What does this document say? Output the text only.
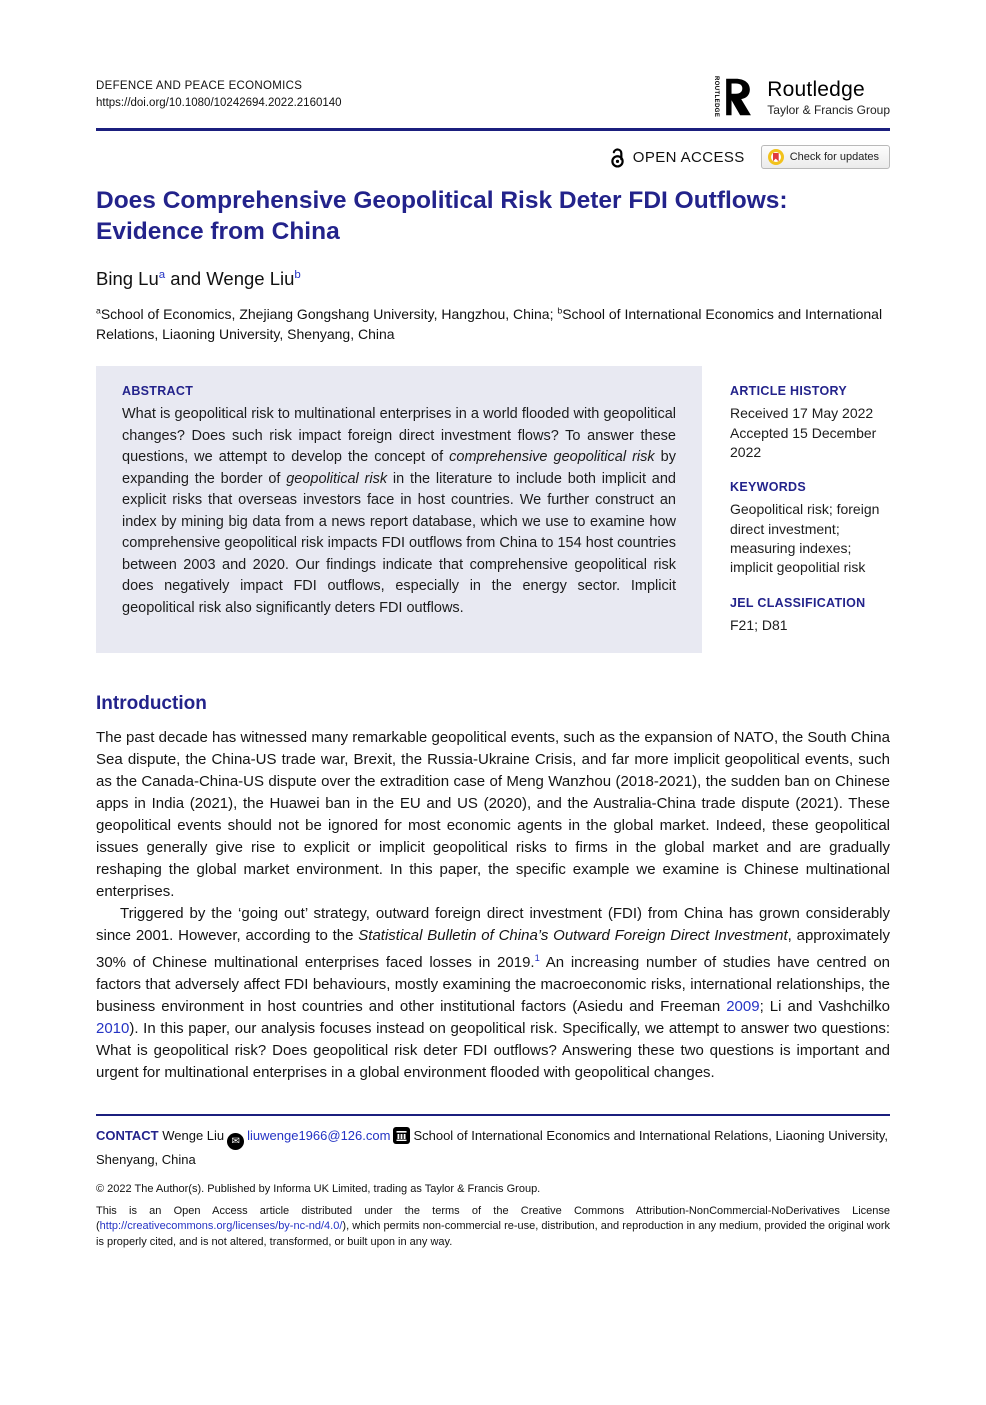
DEFENCE AND PEACE ECONOMICS
https://doi.org/10.1080/10242694.2022.2160140	ROUTLEDGE Routledge
Taylor & Francis Group
OPEN ACCESS	Check for updates
Does Comprehensive Geopolitical Risk Deter FDI Outflows:
Evidence from China
Bing Lu$^a$ and Wenge Liu$^b$
$^a$School of Economics, Zhejiang Gongshang University, Hangzhou, China; $^b$School of International Economics and International Relations, Liaoning University, Shenyang, China
ABSTRACT

What is geopolitical risk to multinational enterprises in a world flooded with geopolitical changes? Does such risk impact foreign direct investment flows? To answer these questions, we attempt to develop the concept of comprehensive geopolitical risk by expanding the border of geopolitical risk in the literature to include both implicit and explicit risks that overseas investors face in host countries. We further construct an index by mining big data from a news report database, which we use to examine how comprehensive geopolitical risk impacts FDI outflows from China to 154 host countries between 2003 and 2020. Our findings indicate that comprehensive geopolitical risk does negatively impact FDI outflows, especially in the energy sector. Implicit geopolitical risk also significantly deters FDI outflows.

ARTICLE HISTORY
Received 17 May 2022
Accepted 15 December 2022
KEYWORDS
Geopolitical risk; foreign direct investment; measuring indexes; implicit geopolitial risk
JEL CLASSIFICATION
F21; D81
Introduction

The past decade has witnessed many remarkable geopolitical events, such as the expansion of NATO, the South China Sea dispute, the China-US trade war, Brexit, the Russia-Ukraine Crisis, and far more implicit geopolitical events, such as the Canada-China-US dispute over the extradition case of Meng Wanzhou (2018-2021), the sudden ban on Chinese apps in India (2021), the Huawei ban in the EU and US (2020), and the Australia-China trade dispute (2021). These geopolitical events should not be ignored for most economic agents in the global market. Indeed, these geopolitical issues generally give rise to explicit or implicit geopolitical risks to firms in the global market and are gradually reshaping the global market environment. In this paper, the specific example we examine is Chinese multinational enterprises.

Triggered by the ‘going out’ strategy, outward foreign direct investment (FDI) from China has grown considerably since 2001. However, according to the Statistical Bulletin of China’s Outward Foreign Direct Investment, approximately 30% of Chinese multinational enterprises faced losses in 2019.$^1$ An increasing number of studies have centred on factors that adversely affect FDI behaviours, mostly examining the macroeconomic risks, international relationships, the business environment in host countries and other institutional factors (Asiedu and Freeman 2009; Li and Vashchilko 2010). In this paper, our analysis focuses instead on geopolitical risk. Specifically, we attempt to answer two questions: What is geopolitical risk? Does geopolitical risk deter FDI outflows? Answering these two questions is important and urgent for multinational enterprises in a global environment flooded with geopolitical changes.

CONTACT Wenge Liu ✉ liuwenge1966@126.com School of International Economics and International Relations, Liaoning University, Shenyang, China

© 2022 The Author(s). Published by Informa UK Limited, trading as Taylor & Francis Group.

This is an Open Access article distributed under the terms of the Creative Commons Attribution-NonCommercial-NoDerivatives License (http://creativecommons.org/licenses/by-nc-nd/4.0/), which permits non-commercial re-use, distribution, and reproduction in any medium, provided the original work is properly cited, and is not altered, transformed, or built upon in any way.
